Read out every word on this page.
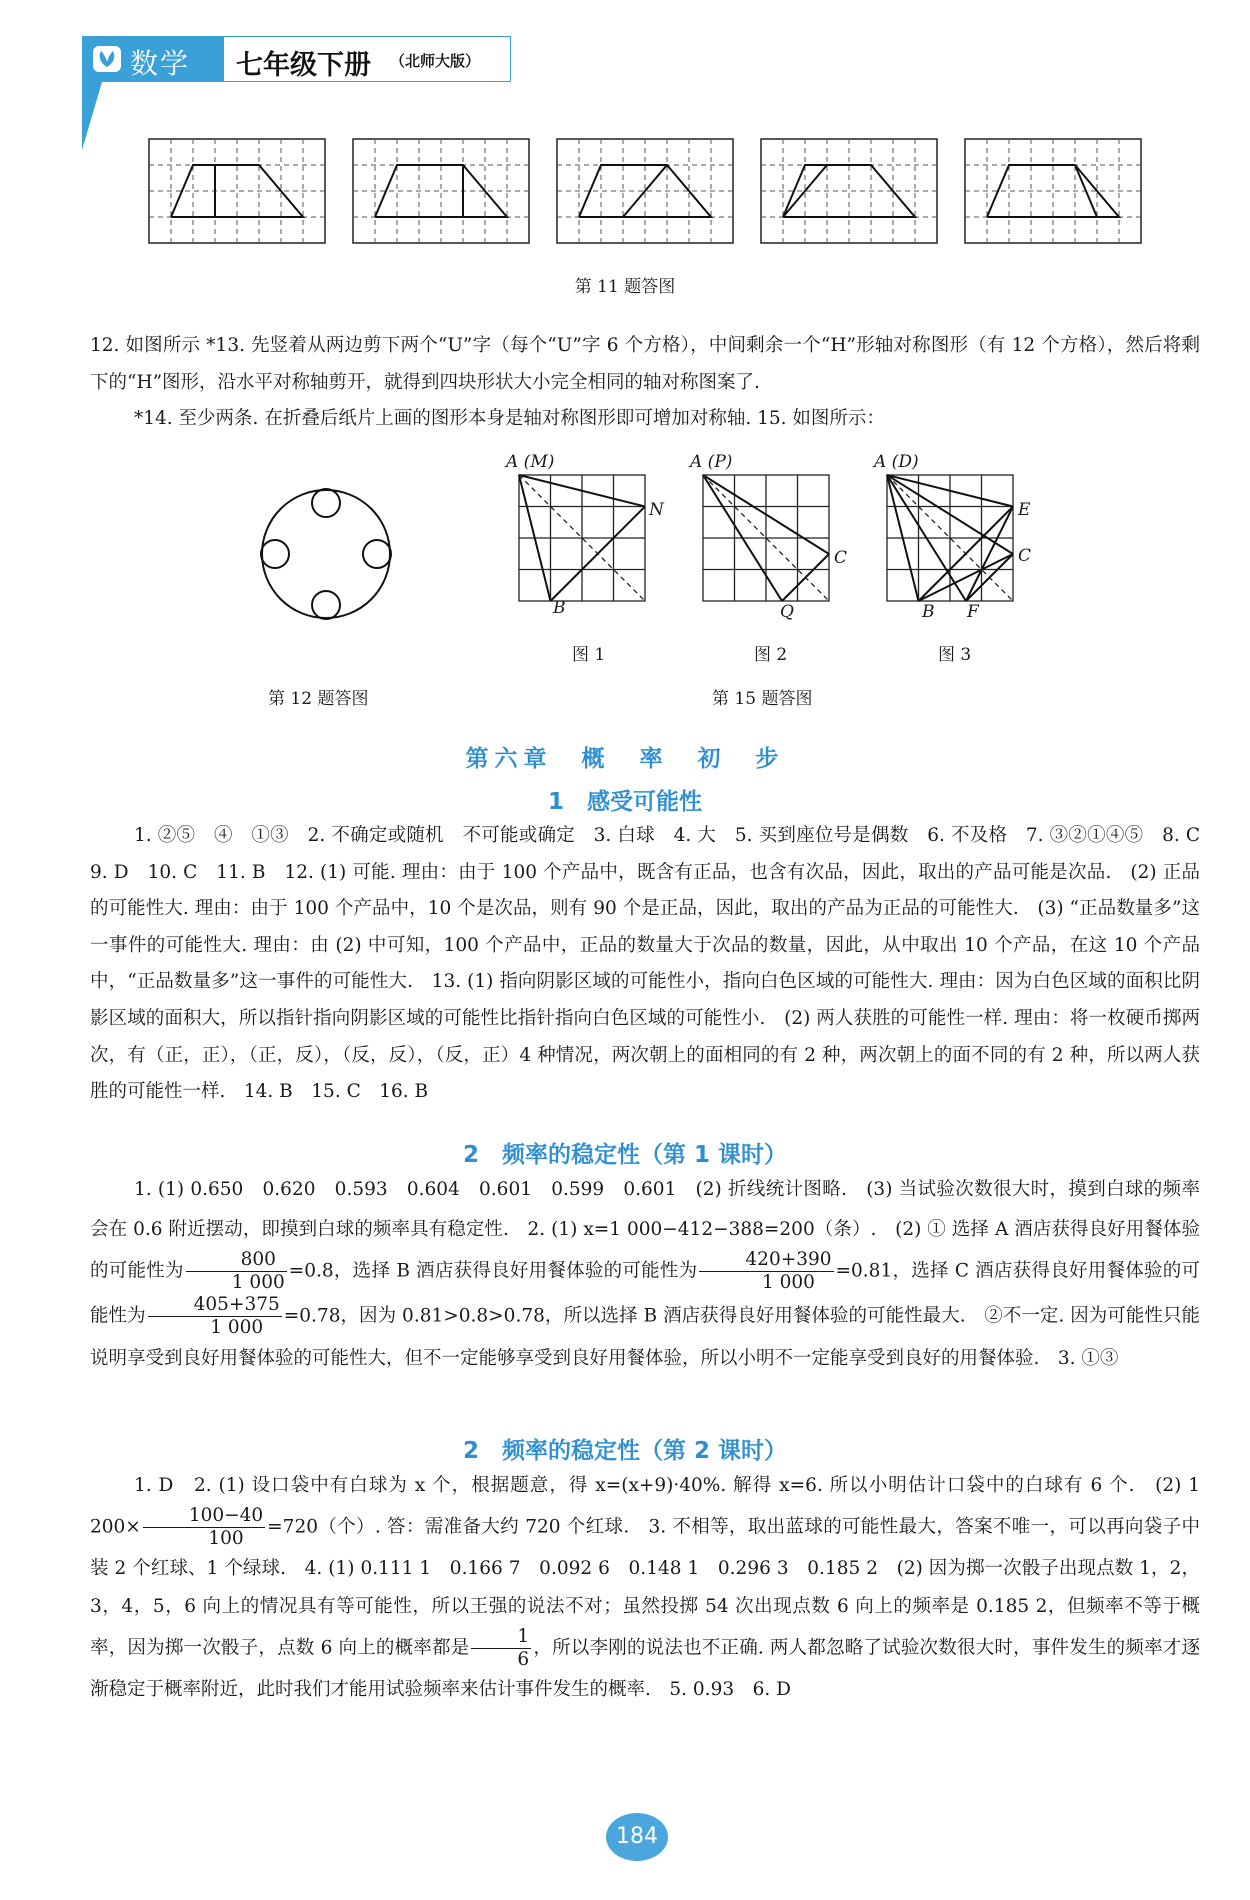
数学 七年级下册 （北师大版）
第 11 题答图

12. 如图所示 *13. 先竖着从两边剪下两个“U”字（每个“U”字 6 个方格），中间剩余一个“H”形轴对称图形（有 12 个方格），然后将剩下的“H”图形，沿水平对称轴剪开，就得到四块形状大小完全相同的轴对称图案了.

*14. 至少两条. 在折叠后纸片上画的图形本身是轴对称图形即可增加对称轴. 15. 如图所示：

A (M)
N
B
图 1
A (P)
C
Q
图 2
A (D)
E
C
B F
图 3
第 12 题答图	第 15 题答图
第六章　概　率　初　步
1　感受可能性

1. ②⑤　④　①③　2. 不确定或随机　不可能或确定　3. 白球　4. 大　5. 买到座位号是偶数　6. 不及格　7. ③②①④⑤　8. C　9. D　10. C　11. B　12. (1) 可能. 理由：由于 100 个产品中，既含有正品，也含有次品，因此，取出的产品可能是次品.　(2) 正品的可能性大. 理由：由于 100 个产品中，10 个是次品，则有 90 个是正品，因此，取出的产品为正品的可能性大.　(3) “正品数量多”这一事件的可能性大. 理由：由 (2) 中可知，100 个产品中，正品的数量大于次品的数量，因此，从中取出 10 个产品，在这 10 个产品中，“正品数量多”这一事件的可能性大.　13. (1) 指向阴影区域的可能性小，指向白色区域的可能性大. 理由：因为白色区域的面积比阴影区域的面积大，所以指针指向阴影区域的可能性比指针指向白色区域的可能性小.　(2) 两人获胜的可能性一样. 理由：将一枚硬币掷两次，有（正，正），（正，反），（反，反），（反，正）4 种情况，两次朝上的面相同的有 2 种，两次朝上的面不同的有 2 种，所以两人获胜的可能性一样.　14. B　15. C　16. B

2　频率的稳定性（第 1 课时）

1. (1) 0.650　0.620　0.593　0.604　0.601　0.599　0.601　(2) 折线统计图略.　(3) 当试验次数很大时，摸到白球的频率会在 0.6 附近摆动，即摸到白球的频率具有稳定性.　2. (1) x=1 000−412−388=200（条）.　(2) ① 选择 A 酒店获得良好用餐体验的可能性为 $\frac{800}{1 000} =0.8$，选择 B 酒店获得良好用餐体验的可能性为 $\frac{420+390}{1 000} =0.81$，选择 C 酒店获得良好用餐体验的可能性为 $\frac{405+375}{1 000} =0.78$，因为 0.81>0.8>0.78，所以选择 B 酒店获得良好用餐体验的可能性最大.　②不一定. 因为可能性只能说明享受到良好用餐体验的可能性大，但不一定能够享受到良好用餐体验，所以小明不一定能享受到良好的用餐体验.　3. ①③

2　频率的稳定性（第 2 课时）

1. D　2. (1) 设口袋中有白球为 x 个，根据题意，得 x=(x+9)·40%. 解得 x=6. 所以小明估计口袋中的白球有 6 个.　(2) 1 $200\times \frac{100-40}{100} =720$（个）. 答：需准备大约 720 个红球.　3. 不相等，取出蓝球的可能性最大，答案不唯一，可以再向袋子中装 2 个红球、1 个绿球.　4. (1) 0.111 1　0.166 7　0.092 6　0.148 1　0.296 3　0.185 2　(2) 因为掷一次骰子出现点数 1，2，3，4，5，6 向上的情况具有等可能性，所以王强的说法不对；虽然投掷 54 次出现点数 6 向上的频率是 0.185 2，但频率不等于概率，因为掷一次骰子，点数 6 向上的概率都是 $\frac{1}{6}$ ，所以李刚的说法也不正确. 两人都忽略了试验次数很大时，事件发生的频率才逐渐稳定于概率附近，此时我们才能用试验频率来估计事件发生的概率.　5. 0.93　6. D

184
